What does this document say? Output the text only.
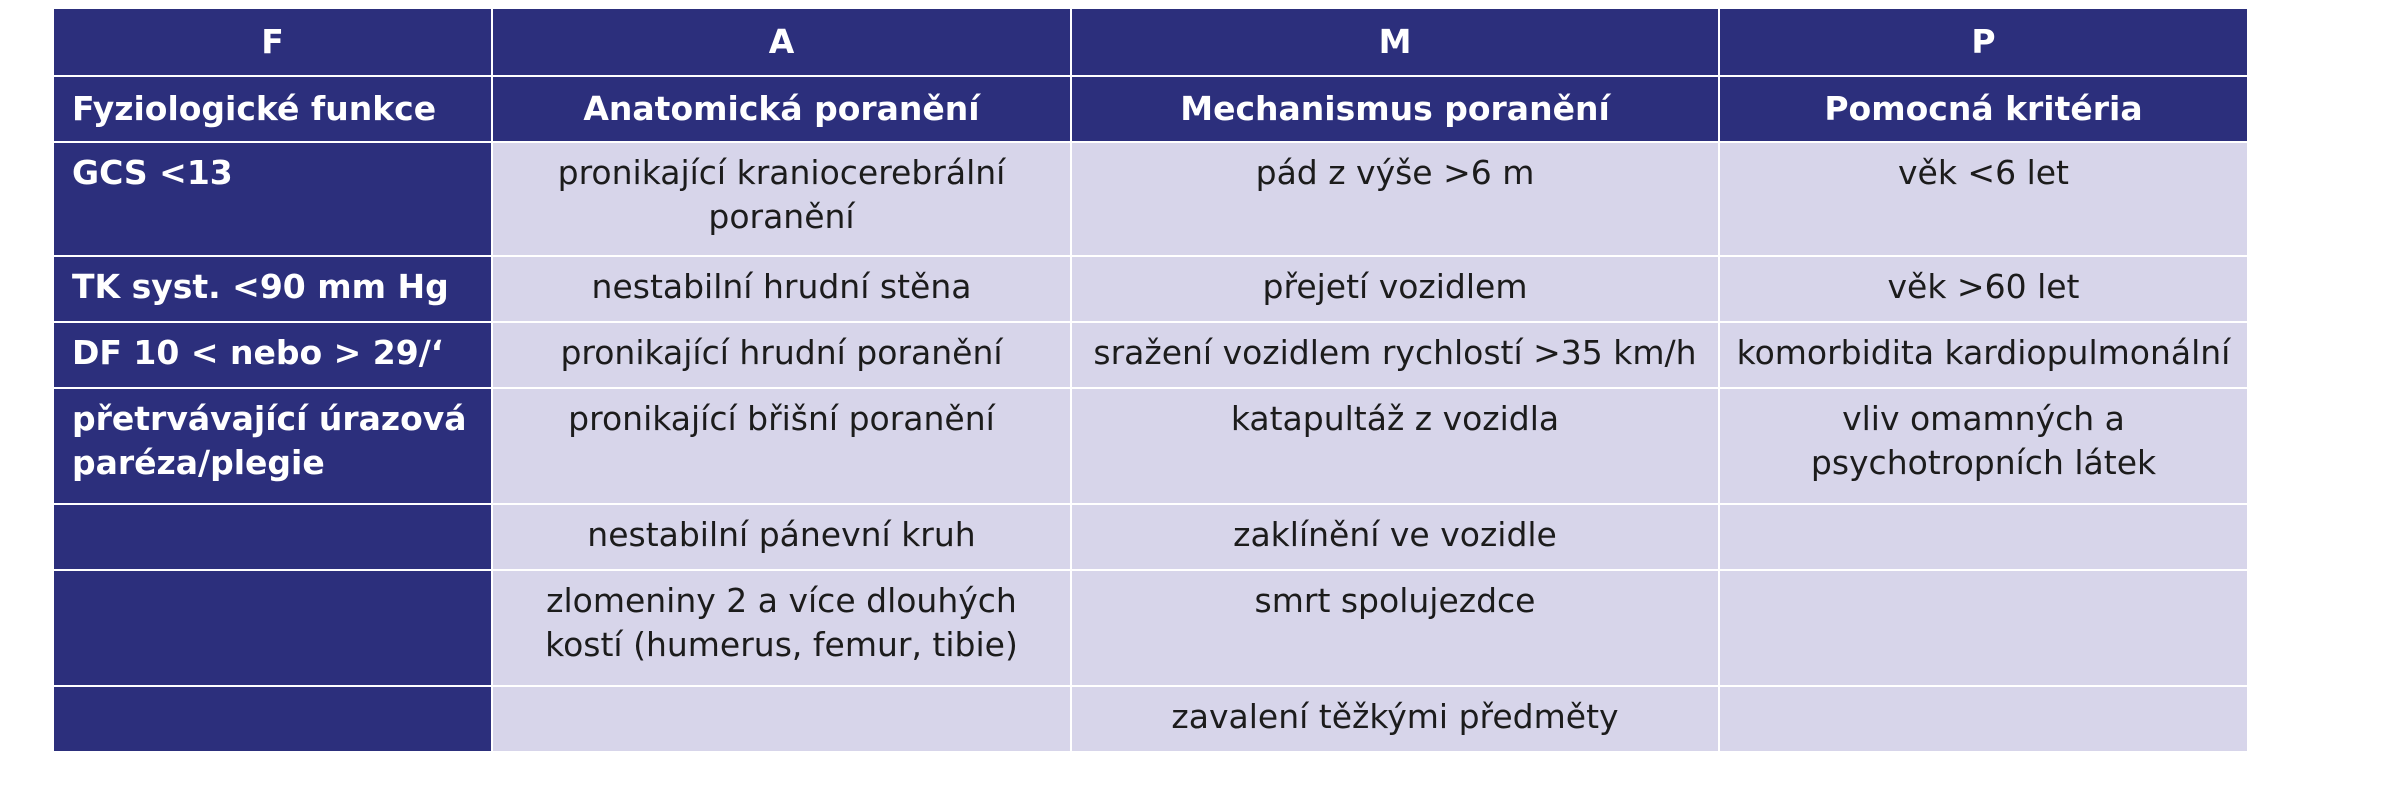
F	A	M	P
Fyziologické funkce	Anatomická poranění	Mechanismus poranění	Pomocná kritéria
GCS <13	pronikající kraniocerebrální poranění	pád z výše >6 m	věk <6 let
TK syst. <90 mm Hg	nestabilní hrudní stěna	přejetí vozidlem	věk >60 let
DF 10 < nebo > 29/‘	pronikající hrudní poranění	sražení vozidlem rychlostí >35 km/h	komorbidita kardiopulmonální
přetrvávající úrazová paréza/plegie	pronikající břišní poranění	katapultáž z vozidla	vliv omamných a psychotropních látek
	nestabilní pánevní kruh	zaklínění ve vozidle	
	zlomeniny 2 a více dlouhých kostí (humerus, femur, tibie)	smrt spolujezdce	
		zavalení těžkými předměty	
